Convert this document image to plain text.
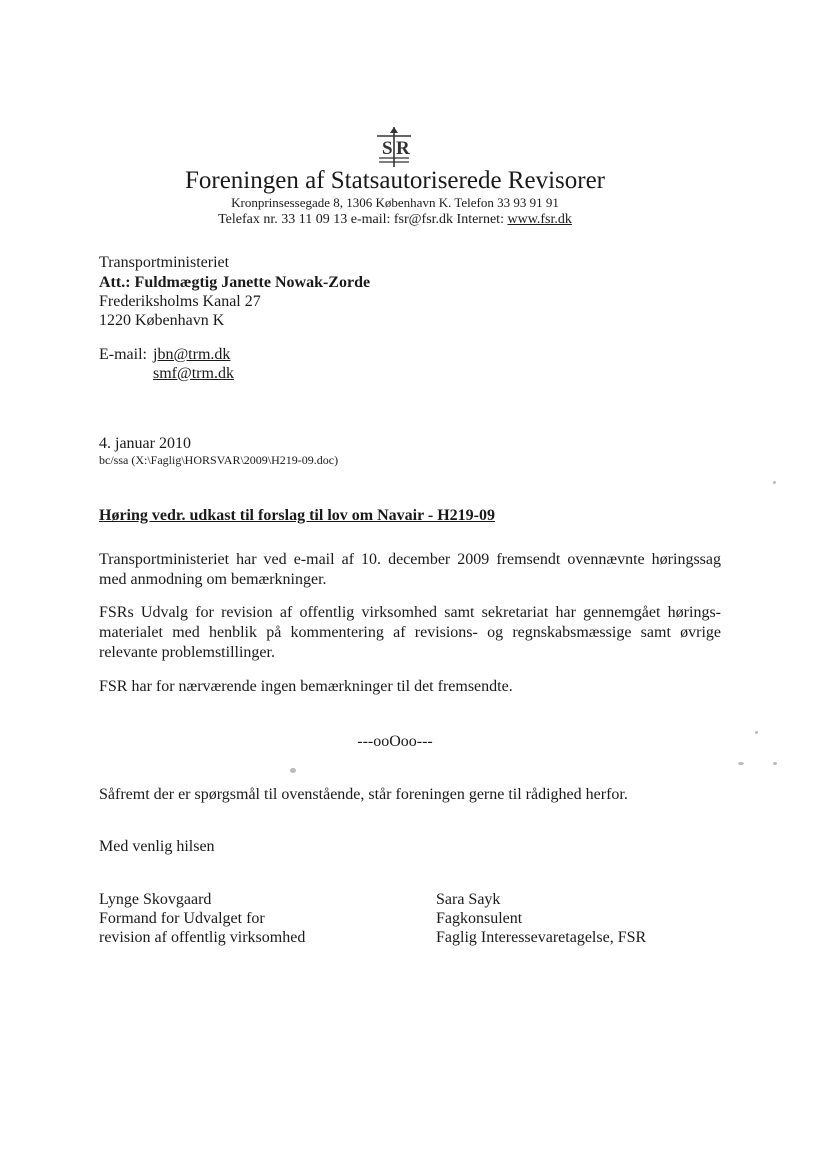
S R
Foreningen af Statsautoriserede Revisorer
Kronprinsessegade 8, 1306 København K. Telefon 33 93 91 91
Telefax nr. 33 11 09 13 e-mail: fsr@fsr.dk Internet: www.fsr.dk
Transportministeriet
Att.: Fuldmægtig Janette Nowak-Zorde
Frederiksholms Kanal 27
1220 København K
E-mail: jbn@trm.dk
smf@trm.dk
4. januar 2010
bc/ssa (X:\Faglig\HORSVAR\2009\H219-09.doc)
Høring vedr. udkast til forslag til lov om Navair - H219-09
Transportministeriet har ved e-mail af 10. december 2009 fremsendt ovennævnte høringssag med anmodning om bemærkninger.
FSRs Udvalg for revision af offentlig virksomhed samt sekretariat har gennemgået hørings-materialet med henblik på kommentering af revisions- og regnskabsmæssige samt øvrige relevante problemstillinger.
FSR har for nærværende ingen bemærkninger til det fremsendte.
---ooOoo---
Såfremt der er spørgsmål til ovenstående, står foreningen gerne til rådighed herfor.
Med venlig hilsen
Lynge Skovgaard
Formand for Udvalget for
revision af offentlig virksomhed
Sara Sayk
Fagkonsulent
Faglig Interessevaretagelse, FSR
